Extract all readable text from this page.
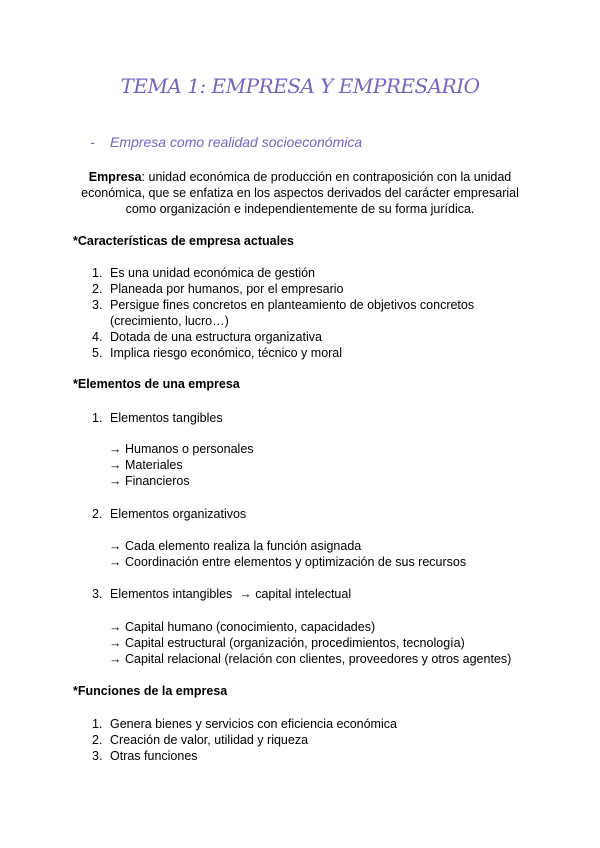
TEMA 1: EMPRESA Y EMPRESARIO
- Empresa como realidad socioeconómica
Empresa: unidad económica de producción en contraposición con la unidad económica, que se enfatiza en los aspectos derivados del carácter empresarial como organización e independientemente de su forma jurídica.
*Características de empresa actuales
1. Es una unidad económica de gestión
2. Planeada por humanos, por el empresario
3. Persigue fines concretos en planteamiento de objetivos concretos (crecimiento, lucro…)
4. Dotada de una estructura organizativa
5. Implica riesgo económico, técnico y moral
*Elementos de una empresa
1. Elementos tangibles
→ Humanos o personales
→ Materiales
→ Financieros
2. Elementos organizativos
→ Cada elemento realiza la función asignada
→ Coordinación entre elementos y optimización de sus recursos
3. Elementos intangibles  → capital intelectual
→ Capital humano (conocimiento, capacidades)
→ Capital estructural (organización, procedimientos, tecnología)
→ Capital relacional (relación con clientes, proveedores y otros agentes)
*Funciones de la empresa
1. Genera bienes y servicios con eficiencia económica
2. Creación de valor, utilidad y riqueza
3. Otras funciones
